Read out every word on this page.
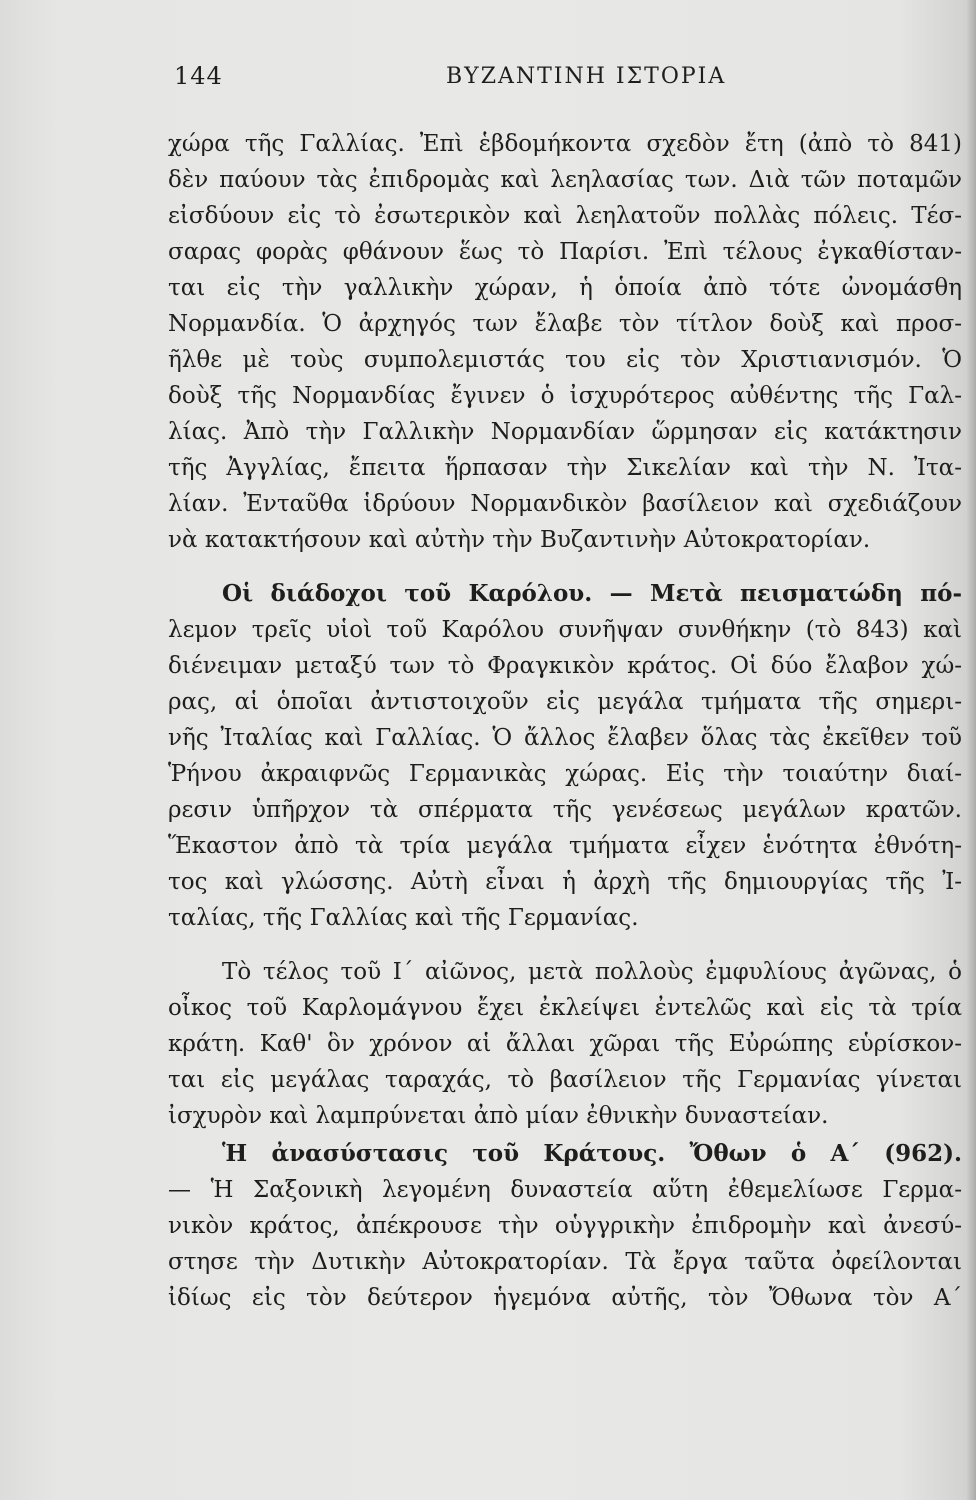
144	ΒΥΖΑΝΤΙΝΗ ΙΣΤΟΡΙΑ
χώρα τῆς Γαλλίας. Ἐπὶ ἑβδομήκοντα σχεδὸν ἔτη (ἀπὸ τὸ 841)
δὲν παύουν τὰς ἐπιδρομὰς καὶ λεηλασίας των. Διὰ τῶν ποταμῶν
εἰσδύουν εἰς τὸ ἐσωτερικὸν καὶ λεηλατοῦν πολλὰς πόλεις. Τέσ-
σαρας φορὰς φθάνουν ἕως τὸ Παρίσι. Ἐπὶ τέλους ἐγκαθίσταν-
ται εἰς τὴν γαλλικὴν χώραν, ἡ ὁποία ἀπὸ τότε ὠνομάσθη
Νορμανδία. Ὁ ἀρχηγός των ἔλαβε τὸν τίτλον δοὺξ καὶ προσ-
ῆλθε μὲ τοὺς συμπολεμιστάς του εἰς τὸν Χριστιανισμόν. Ὁ
δοὺξ τῆς Νορμανδίας ἔγινεν ὁ ἰσχυρότερος αὐθέντης τῆς Γαλ-
λίας. Ἀπὸ τὴν Γαλλικὴν Νορμανδίαν ὥρμησαν εἰς κατάκτησιν
τῆς Ἀγγλίας, ἔπειτα ἥρπασαν τὴν Σικελίαν καὶ τὴν Ν. Ἰτα-
λίαν. Ἐνταῦθα ἱδρύουν Νορμανδικὸν βασίλειον καὶ σχεδιάζουν
νὰ κατακτήσουν καὶ αὐτὴν τὴν Βυζαντινὴν Αὐτοκρατορίαν.
Οἱ διάδοχοι τοῦ Καρόλου. — Μετὰ πεισματώδη πό-
λεμον τρεῖς υἱοὶ τοῦ Καρόλου συνῆψαν συνθήκην (τὸ 843) καὶ
διένειμαν μεταξύ των τὸ Φραγκικὸν κράτος. Οἱ δύο ἔλαβον χώ-
ρας, αἱ ὁποῖαι ἀντιστοιχοῦν εἰς μεγάλα τμήματα τῆς σημερι-
νῆς Ἰταλίας καὶ Γαλλίας. Ὁ ἄλλος ἔλαβεν ὅλας τὰς ἐκεῖθεν τοῦ
Ῥήνου ἀκραιφνῶς Γερμανικὰς χώρας. Εἰς τὴν τοιαύτην διαί-
ρεσιν ὑπῆρχον τὰ σπέρματα τῆς γενέσεως μεγάλων κρατῶν.
Ἕκαστον ἀπὸ τὰ τρία μεγάλα τμήματα εἶχεν ἑνότητα ἐθνότη-
τος καὶ γλώσσης. Αὐτὴ εἶναι ἡ ἀρχὴ τῆς δημιουργίας τῆς Ἰ-
ταλίας, τῆς Γαλλίας καὶ τῆς Γερμανίας.
Τὸ τέλος τοῦ Ι΄ αἰῶνος, μετὰ πολλοὺς ἐμφυλίους ἀγῶνας, ὁ
οἶκος τοῦ Καρλομάγνου ἔχει ἐκλείψει ἐντελῶς καὶ εἰς τὰ τρία
κράτη. Καθ' ὃν χρόνον αἱ ἄλλαι χῶραι τῆς Εὐρώπης εὑρίσκον-
ται εἰς μεγάλας ταραχάς, τὸ βασίλειον τῆς Γερμανίας γίνεται
ἰσχυρὸν καὶ λαμπρύνεται ἀπὸ μίαν ἐθνικὴν δυναστείαν.
Ἡ ἀνασύστασις τοῦ Κράτους. Ὄθων ὁ Α΄ (962).
— Ἡ Σαξονικὴ λεγομένη δυναστεία αὕτη ἐθεμελίωσε Γερμα-
νικὸν κράτος, ἀπέκρουσε τὴν οὑγγρικὴν ἐπιδρομὴν καὶ ἀνεσύ-
στησε τὴν Δυτικὴν Αὐτοκρατορίαν. Τὰ ἔργα ταῦτα ὀφείλονται
ἰδίως εἰς τὸν δεύτερον ἡγεμόνα αὐτῆς, τὸν Ὄθωνα τὸν Α΄
